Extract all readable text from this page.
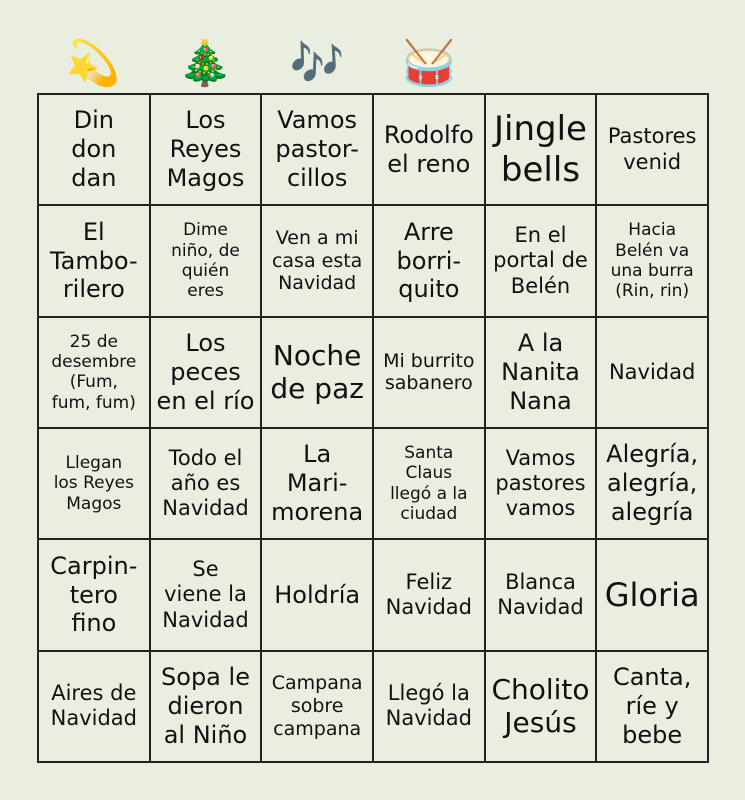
💫	🎄	🎶	🥁
Din
don
dan
Los
Reyes
Magos
Vamos
pastor-
cillos
Rodolfo
el reno
Jingle
bells
Pastores
venid
El
Tambo-
rilero
Dime
niño, de
quién
eres
Ven a mi
casa esta
Navidad
Arre
borri-
quito
En el
portal de
Belén
Hacia
Belén va
una burra
(Rin, rin)
25 de
desembre
(Fum,
fum, fum)
Los
peces
en el río
Noche
de paz
Mi burrito
sabanero
A la
Nanita
Nana
Navidad
Llegan
los Reyes
Magos
Todo el
año es
Navidad
La
Mari-
morena
Santa
Claus
llegó a la
ciudad
Vamos
pastores
vamos
Alegría,
alegría,
alegría
Carpin-
tero
fino
Se
viene la
Navidad
Holdría	Feliz
Navidad
Blanca
Navidad Gloria
Aires de
Navidad
Sopa le
dieron
al Niño
Campana
sobre
campana
Llegó la
Navidad
Cholito
Jesús
Canta,
ríe y
bebe
